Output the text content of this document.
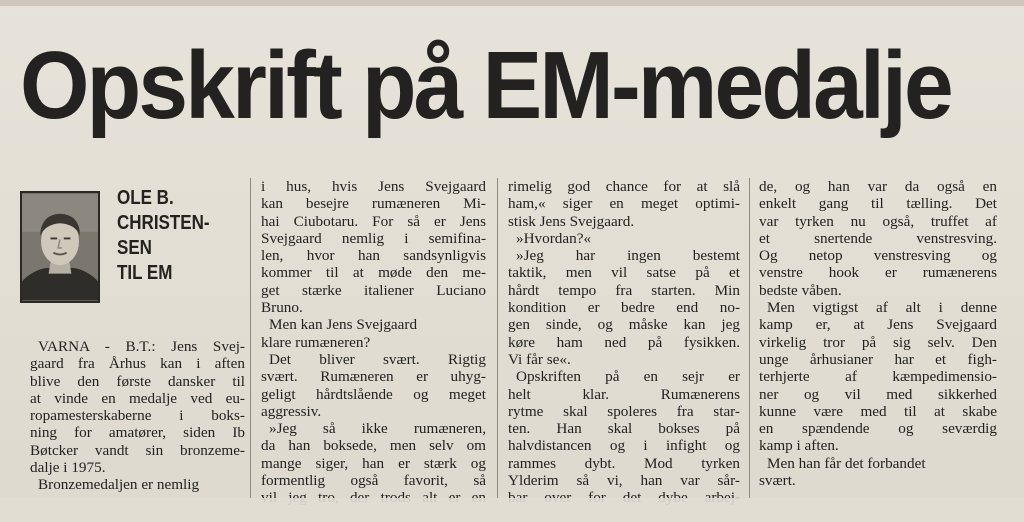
Opskrift på EM-medalje
OLE B.
CHRISTEN-
SEN
TIL EM
VARNA - B.T.: Jens Svej-
gaard fra Århus kan i aften
blive den første dansker til
at vinde en medalje ved eu-
ropamesterskaberne i boks-
ning for amatører, siden Ib
Bøtcker vandt sin bronzeme-
dalje i 1975.
Bronzemedaljen er nemlig
i hus, hvis Jens Svejgaard
kan besejre rumæneren Mi-
hai Ciubotaru. For så er Jens
Svejgaard nemlig i semifina-
len, hvor han sandsynligvis
kommer til at møde den me-
get stærke italiener Luciano
Bruno.
Men kan Jens Svejgaard
klare rumæneren?
Det bliver svært. Rigtig
svært. Rumæneren er uhyg-
geligt hårdtslående og meget
aggressiv.
»Jeg så ikke rumæneren,
da han boksede, men selv om
mange siger, han er stærk og
formentlig også favorit, så
rimelig god chance for at slå
ham,« siger en meget optimi-
stisk Jens Svejgaard.
»Hvordan?«
»Jeg har ingen bestemt
taktik, men vil satse på et
hårdt tempo fra starten. Min
kondition er bedre end no-
gen sinde, og måske kan jeg
køre ham ned på fysikken.
Vi får se«.
Opskriften på en sejr er
helt klar. Rumænerens
rytme skal spoleres fra star-
ten. Han skal bokses på
halvdistancen og i infight og
rammes dybt. Mod tyrken
Ylderim så vi, han var sår-
de, og han var da også en
enkelt gang til tælling. Det
var tyrken nu også, truffet af
et snertende venstresving.
Og netop venstresving og
venstre hook er rumænerens
bedste våben.
Men vigtigst af alt i denne
kamp er, at Jens Svejgaard
virkelig tror på sig selv. Den
unge århusianer har et figh-
terhjerte af kæmpedimensio-
ner og vil med sikkerhed
kunne være med til at skabe
en spændende og seværdig
kamp i aften.
Men han får det forbandet
svært.
